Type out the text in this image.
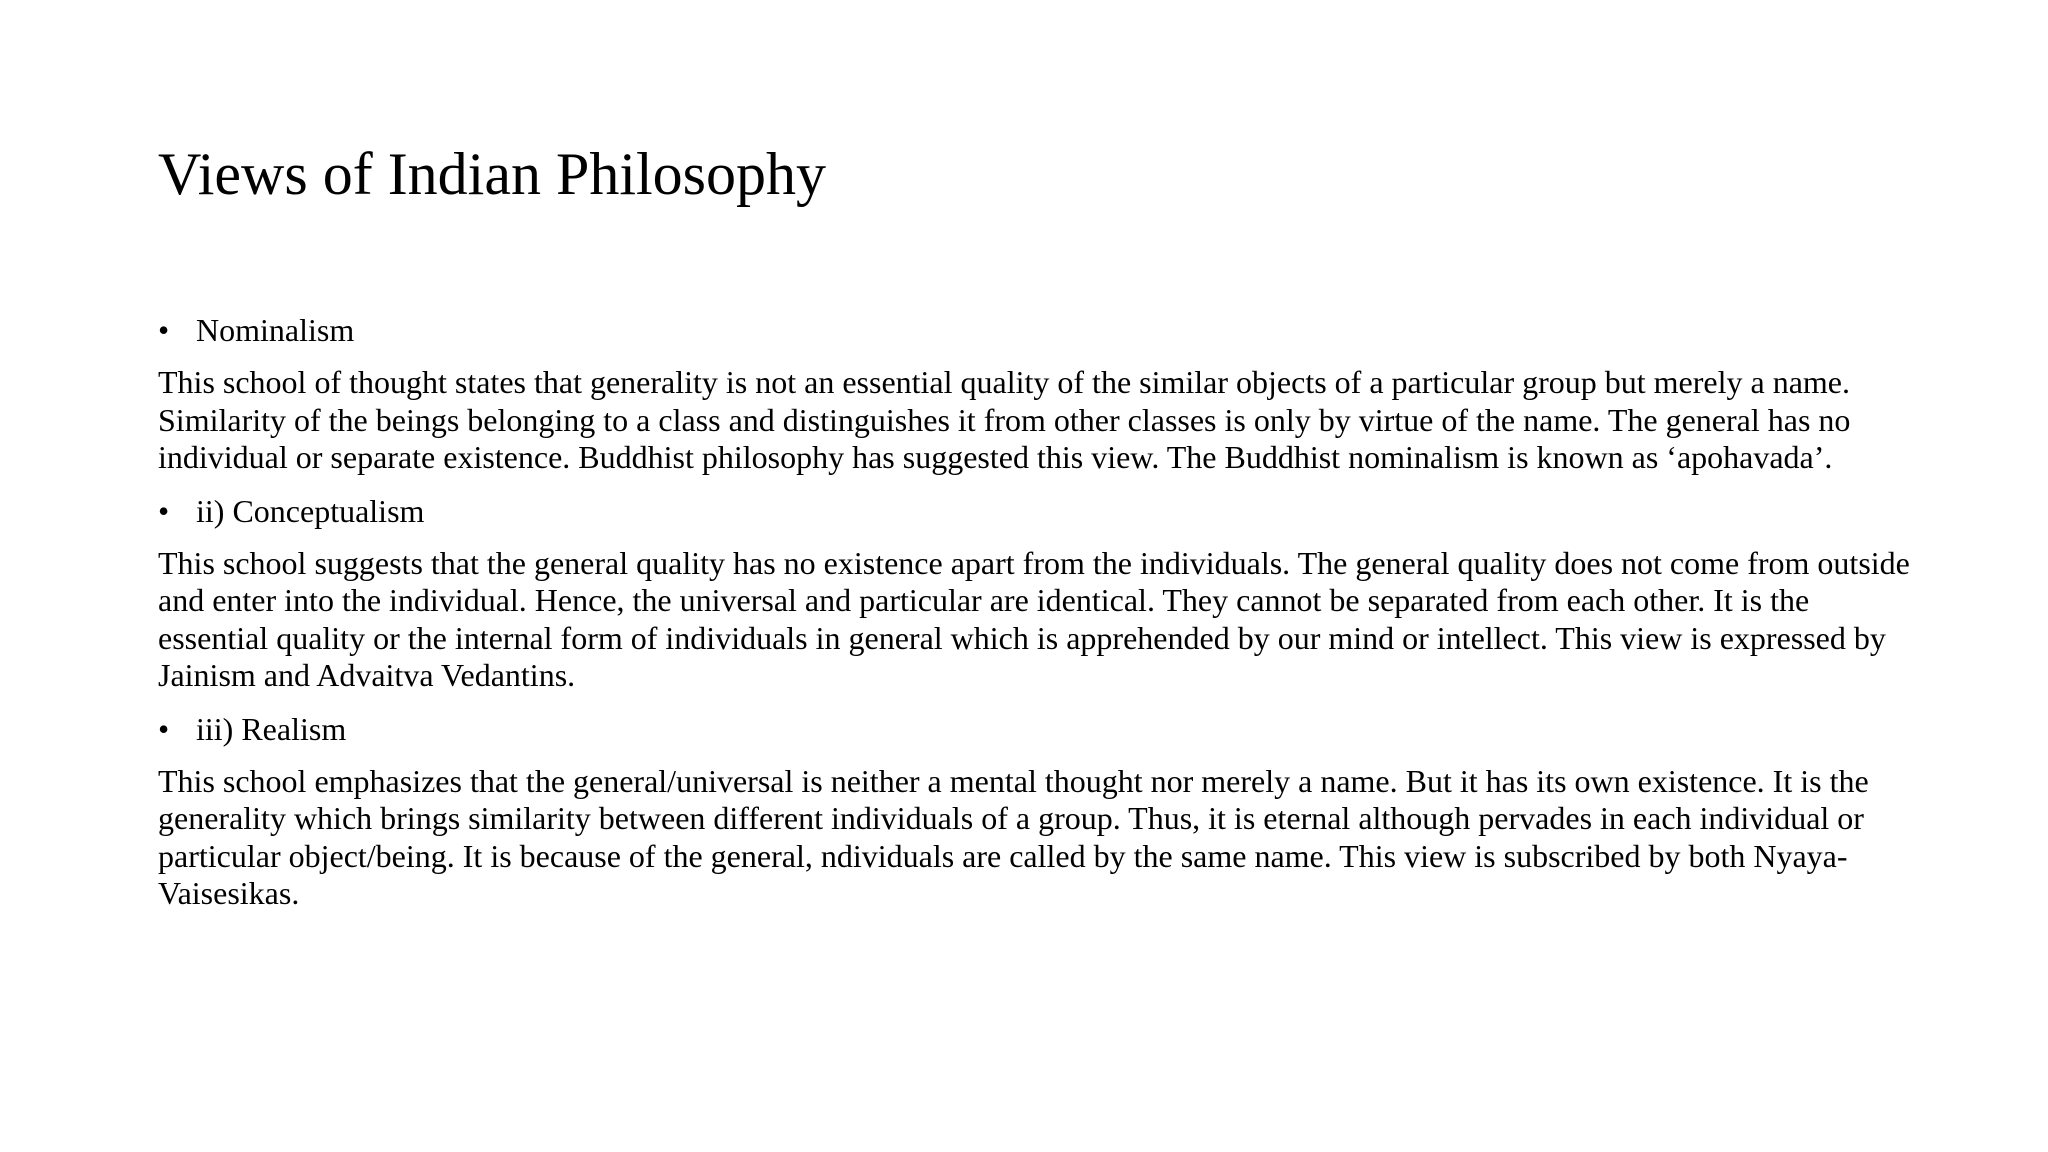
Views of Indian Philosophy

• Nominalism

This school of thought states that generality is not an essential quality of the similar objects of a particular group but merely a name. Similarity of the beings belonging to a class and distinguishes it from other classes is only by virtue of the name. The general has no individual or separate existence. Buddhist philosophy has suggested this view. The Buddhist nominalism is known as ‘apohavada’.

• ii) Conceptualism

This school suggests that the general quality has no existence apart from the individuals. The general quality does not come from outside and enter into the individual. Hence, the universal and particular are identical. They cannot be separated from each other. It is the essential quality or the internal form of individuals in general which is apprehended by our mind or intellect. This view is expressed by Jainism and Advaitva Vedantins.

• iii) Realism

This school emphasizes that the general/universal is neither a mental thought nor merely a name. But it has its own existence. It is the generality which brings similarity between different individuals of a group. Thus, it is eternal although pervades in each individual or particular object/being. It is because of the general, ndividuals are called by the same name. This view is subscribed by both Nyaya-Vaisesikas.
